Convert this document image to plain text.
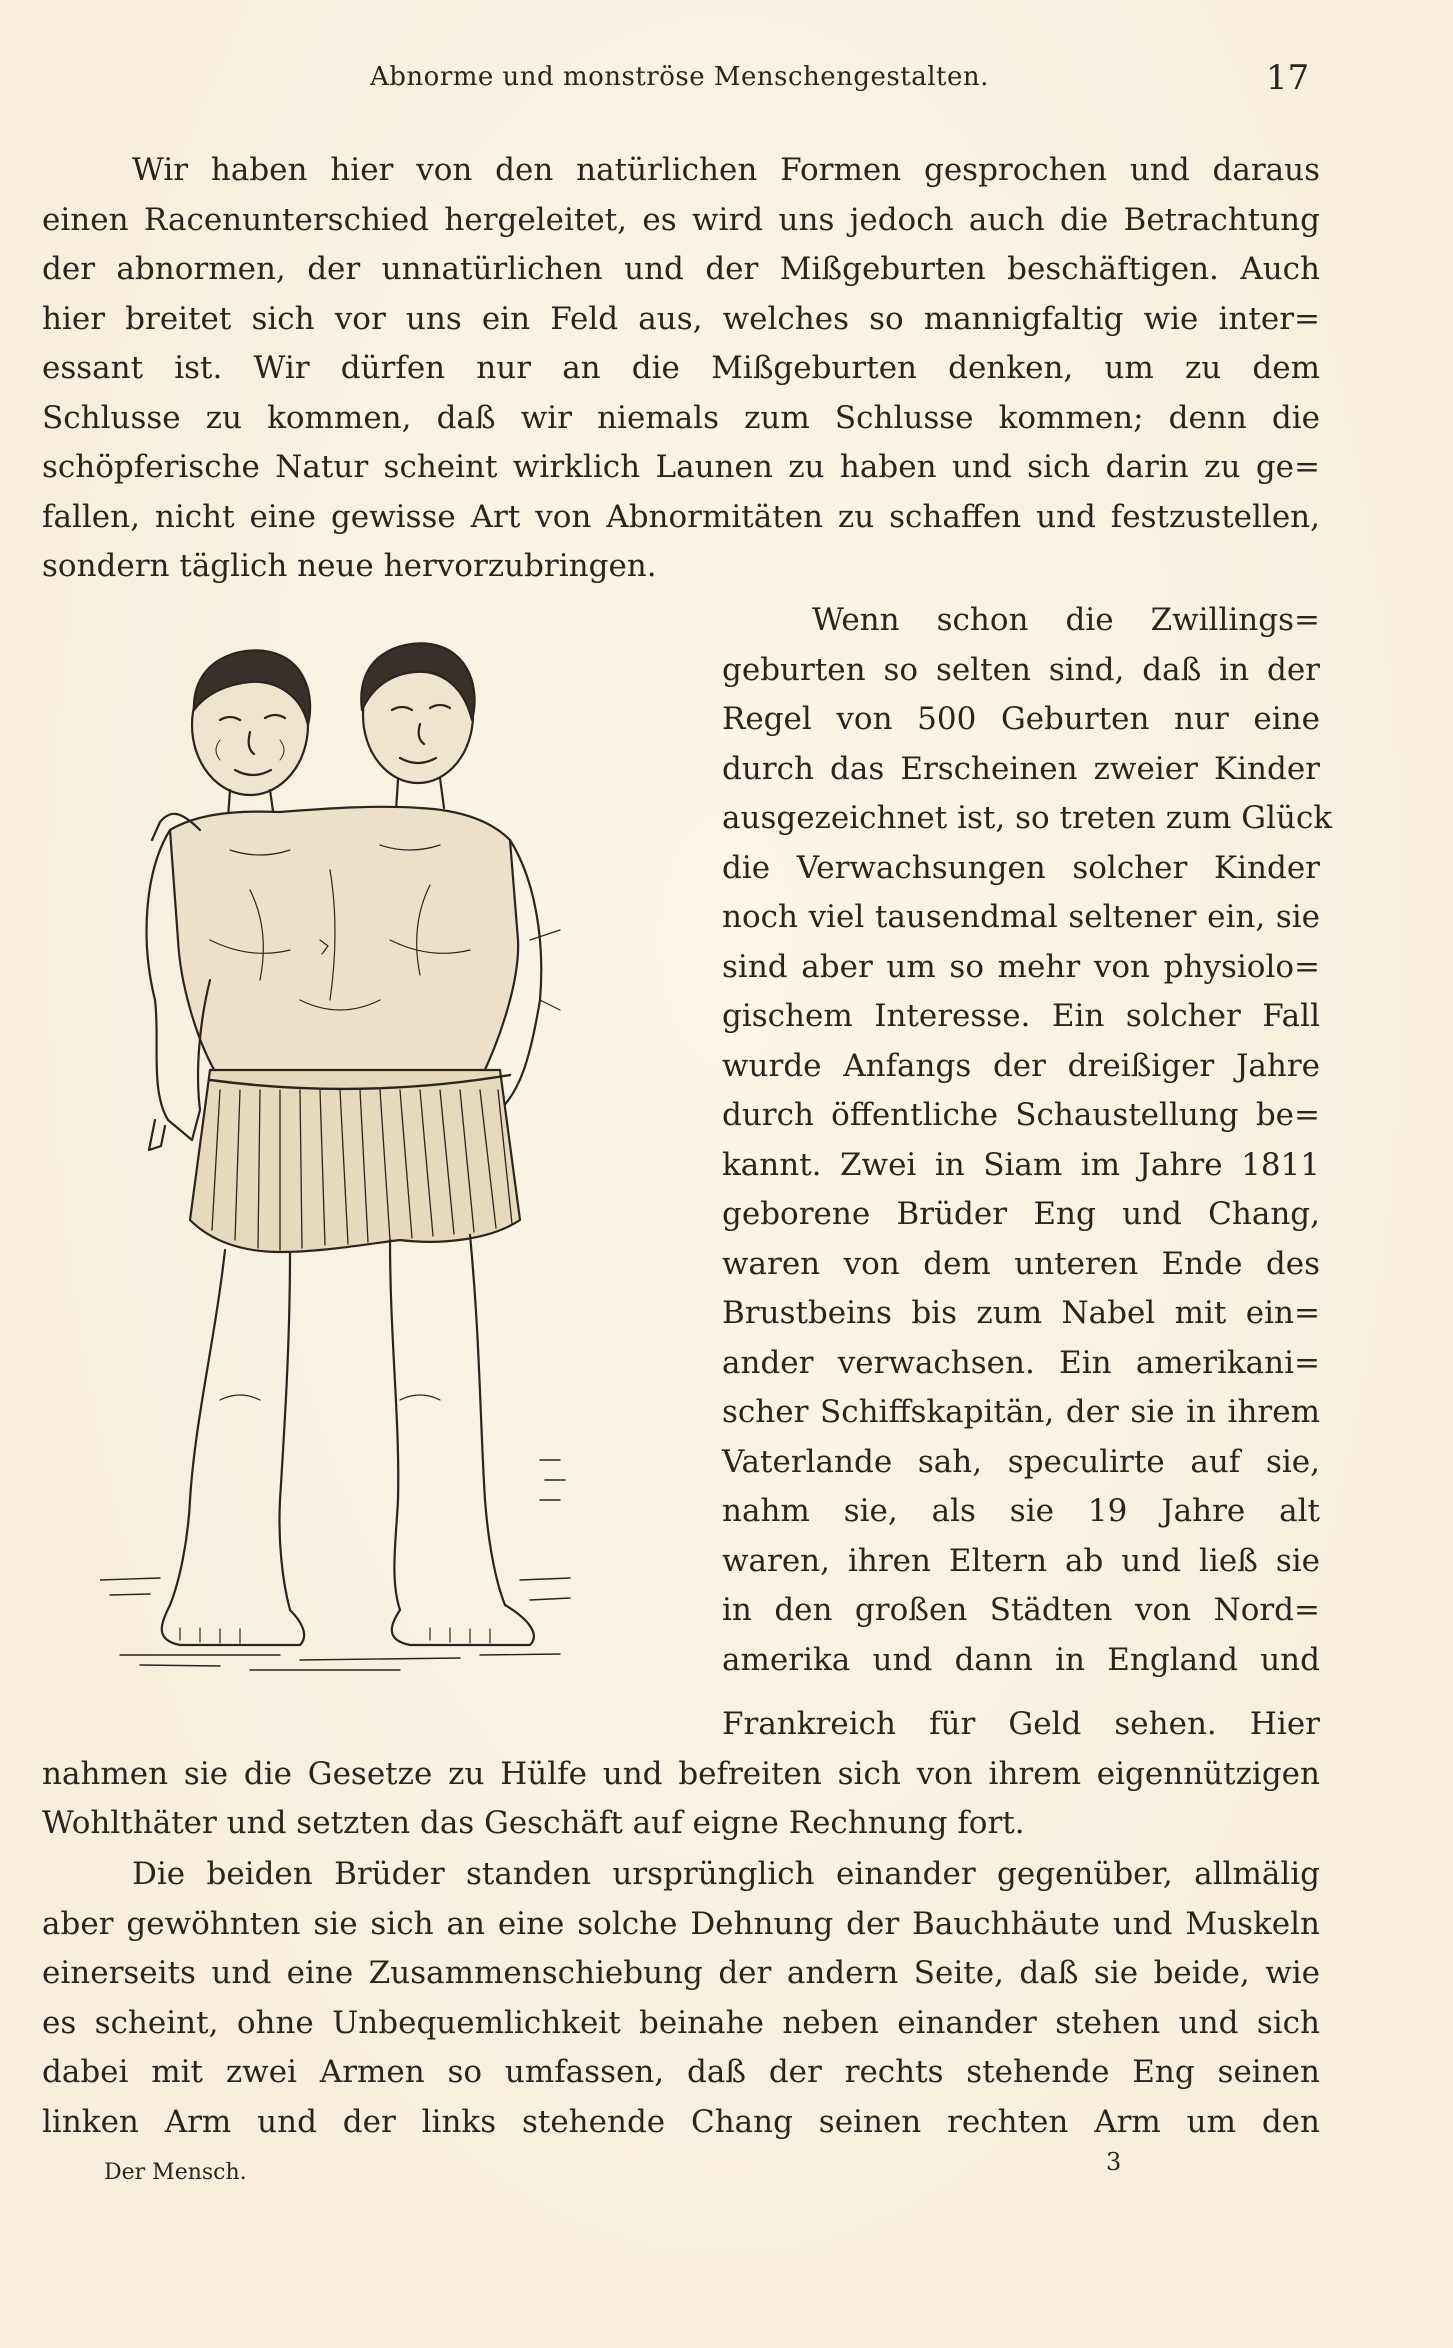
Abnorme und monströse Menschengestalten.	17
Wir haben hier von den natürlichen Formen gesprochen und daraus
einen Racenunterschied hergeleitet, es wird uns jedoch auch die Betrachtung
der abnormen, der unnatürlichen und der Mißgeburten beschäftigen. Auch
hier breitet sich vor uns ein Feld aus, welches so mannigfaltig wie inter=
essant ist. Wir dürfen nur an die Mißgeburten denken, um zu dem
Schlusse zu kommen, daß wir niemals zum Schlusse kommen; denn die
schöpferische Natur scheint wirklich Launen zu haben und sich darin zu ge=
fallen, nicht eine gewisse Art von Abnormitäten zu schaffen und festzustellen,
sondern täglich neue hervorzubringen.
Wenn schon die Zwillings=
geburten so selten sind, daß in der
Regel von 500 Geburten nur eine
durch das Erscheinen zweier Kinder
ausgezeichnet ist, so treten zum Glück
die Verwachsungen solcher Kinder
noch viel tausendmal seltener ein, sie
sind aber um so mehr von physiolo=
gischem Interesse. Ein solcher Fall
wurde Anfangs der dreißiger Jahre
durch öffentliche Schaustellung be=
kannt. Zwei in Siam im Jahre 1811
geborene Brüder Eng und Chang,
waren von dem unteren Ende des
Brustbeins bis zum Nabel mit ein=
ander verwachsen. Ein amerikani=
scher Schiffskapitän, der sie in ihrem
Vaterlande sah, speculirte auf sie,
nahm sie, als sie 19 Jahre alt
waren, ihren Eltern ab und ließ sie
in den großen Städten von Nord=
amerika und dann in England und
Frankreich für Geld sehen. Hier
nahmen sie die Gesetze zu Hülfe und befreiten sich von ihrem eigennützigen
Wohlthäter und setzten das Geschäft auf eigne Rechnung fort.
Die beiden Brüder standen ursprünglich einander gegenüber, allmälig
aber gewöhnten sie sich an eine solche Dehnung der Bauchhäute und Muskeln
einerseits und eine Zusammenschiebung der andern Seite, daß sie beide, wie
es scheint, ohne Unbequemlichkeit beinahe neben einander stehen und sich
dabei mit zwei Armen so umfassen, daß der rechts stehende Eng seinen
linken Arm und der links stehende Chang seinen rechten Arm um den
Der Mensch.	3
